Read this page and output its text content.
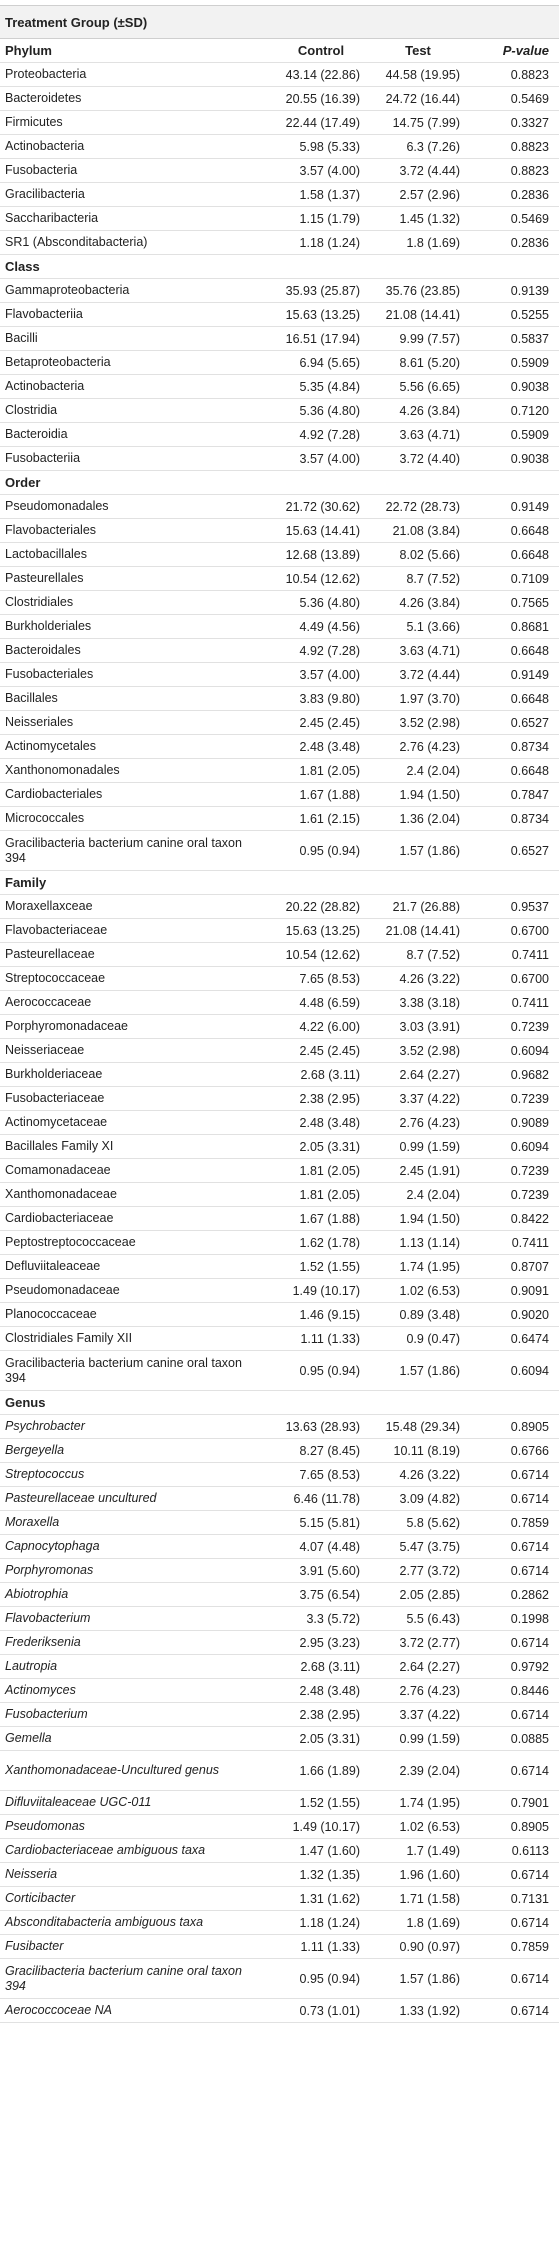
Treatment Group (±SD)
Phylum	Control	Test	P-value
Proteobacteria	43.14 (22.86)	44.58 (19.95)	0.8823
Bacteroidetes	20.55 (16.39)	24.72 (16.44)	0.5469
Firmicutes	22.44 (17.49)	14.75 (7.99)	0.3327
Actinobacteria	5.98 (5.33)	6.3 (7.26)	0.8823
Fusobacteria	3.57 (4.00)	3.72 (4.44)	0.8823
Gracilibacteria	1.58 (1.37)	2.57 (2.96)	0.2836
Saccharibacteria	1.15 (1.79)	1.45 (1.32)	0.5469
SR1 (Absconditabacteria)	1.18 (1.24)	1.8 (1.69)	0.2836
Class
Gammaproteobacteria	35.93 (25.87)	35.76 (23.85)	0.9139
Flavobacteriia	15.63 (13.25)	21.08 (14.41)	0.5255
Bacilli	16.51 (17.94)	9.99 (7.57)	0.5837
Betaproteobacteria	6.94 (5.65)	8.61 (5.20)	0.5909
Actinobacteria	5.35 (4.84)	5.56 (6.65)	0.9038
Clostridia	5.36 (4.80)	4.26 (3.84)	0.7120
Bacteroidia	4.92 (7.28)	3.63 (4.71)	0.5909
Fusobacteriia	3.57 (4.00)	3.72 (4.40)	0.9038
Order
Pseudomonadales	21.72 (30.62)	22.72 (28.73)	0.9149
Flavobacteriales	15.63 (14.41)	21.08 (3.84)	0.6648
Lactobacillales	12.68 (13.89)	8.02 (5.66)	0.6648
Pasteurellales	10.54 (12.62)	8.7 (7.52)	0.7109
Clostridiales	5.36 (4.80)	4.26 (3.84)	0.7565
Burkholderiales	4.49 (4.56)	5.1 (3.66)	0.8681
Bacteroidales	4.92 (7.28)	3.63 (4.71)	0.6648
Fusobacteriales	3.57 (4.00)	3.72 (4.44)	0.9149
Bacillales	3.83 (9.80)	1.97 (3.70)	0.6648
Neisseriales	2.45 (2.45)	3.52 (2.98)	0.6527
Actinomycetales	2.48 (3.48)	2.76 (4.23)	0.8734
Xanthonomonadales	1.81 (2.05)	2.4 (2.04)	0.6648
Cardiobacteriales	1.67 (1.88)	1.94 (1.50)	0.7847
Micrococcales	1.61 (2.15)	1.36 (2.04)	0.8734
Gracilibacteria bacterium canine oral taxon 394	0.95 (0.94)	1.57 (1.86)	0.6527
Family
Moraxellaxceae	20.22 (28.82)	21.7 (26.88)	0.9537
Flavobacteriaceae	15.63 (13.25)	21.08 (14.41)	0.6700
Pasteurellaceae	10.54 (12.62)	8.7 (7.52)	0.7411
Streptococcaceae	7.65 (8.53)	4.26 (3.22)	0.6700
Aerococcaceae	4.48 (6.59)	3.38 (3.18)	0.7411
Porphyromonadaceae	4.22 (6.00)	3.03 (3.91)	0.7239
Neisseriaceae	2.45 (2.45)	3.52 (2.98)	0.6094
Burkholderiaceae	2.68 (3.11)	2.64 (2.27)	0.9682
Fusobacteriaceae	2.38 (2.95)	3.37 (4.22)	0.7239
Actinomycetaceae	2.48 (3.48)	2.76 (4.23)	0.9089
Bacillales Family XI	2.05 (3.31)	0.99 (1.59)	0.6094
Comamonadaceae	1.81 (2.05)	2.45 (1.91)	0.7239
Xanthomonadaceae	1.81 (2.05)	2.4 (2.04)	0.7239
Cardiobacteriaceae	1.67 (1.88)	1.94 (1.50)	0.8422
Peptostreptococcaceae	1.62 (1.78)	1.13 (1.14)	0.7411
Defluviitaleaceae	1.52 (1.55)	1.74 (1.95)	0.8707
Pseudomonadaceae	1.49 (10.17)	1.02 (6.53)	0.9091
Planococcaceae	1.46 (9.15)	0.89 (3.48)	0.9020
Clostridiales Family XII	1.11 (1.33)	0.9 (0.47)	0.6474
Gracilibacteria bacterium canine oral taxon 394	0.95 (0.94)	1.57 (1.86)	0.6094
Genus
Psychrobacter	13.63 (28.93)	15.48 (29.34)	0.8905
Bergeyella	8.27 (8.45)	10.11 (8.19)	0.6766
Streptococcus	7.65 (8.53)	4.26 (3.22)	0.6714
Pasteurellaceae uncultured	6.46 (11.78)	3.09 (4.82)	0.6714
Moraxella	5.15 (5.81)	5.8 (5.62)	0.7859
Capnocytophaga	4.07 (4.48)	5.47 (3.75)	0.6714
Porphyromonas	3.91 (5.60)	2.77 (3.72)	0.6714
Abiotrophia	3.75 (6.54)	2.05 (2.85)	0.2862
Flavobacterium	3.3 (5.72)	5.5 (6.43)	0.1998
Frederiksenia	2.95 (3.23)	3.72 (2.77)	0.6714
Lautropia	2.68 (3.11)	2.64 (2.27)	0.9792
Actinomyces	2.48 (3.48)	2.76 (4.23)	0.8446
Fusobacterium	2.38 (2.95)	3.37 (4.22)	0.6714
Gemella	2.05 (3.31)	0.99 (1.59)	0.0885
Xanthomonadaceae-Uncultured genus	1.66 (1.89)	2.39 (2.04)	0.6714
Difluviitaleaceae UGC-011	1.52 (1.55)	1.74 (1.95)	0.7901
Pseudomonas	1.49 (10.17)	1.02 (6.53)	0.8905
Cardiobacteriaceae ambiguous taxa	1.47 (1.60)	1.7 (1.49)	0.6113
Neisseria	1.32 (1.35)	1.96 (1.60)	0.6714
Corticibacter	1.31 (1.62)	1.71 (1.58)	0.7131
Absconditabacteria ambiguous taxa	1.18 (1.24)	1.8 (1.69)	0.6714
Fusibacter	1.11 (1.33)	0.90 (0.97)	0.7859
Gracilibacteria bacterium canine oral taxon 394	0.95 (0.94)	1.57 (1.86)	0.6714
Aerococcoceae NA	0.73 (1.01)	1.33 (1.92)	0.6714
